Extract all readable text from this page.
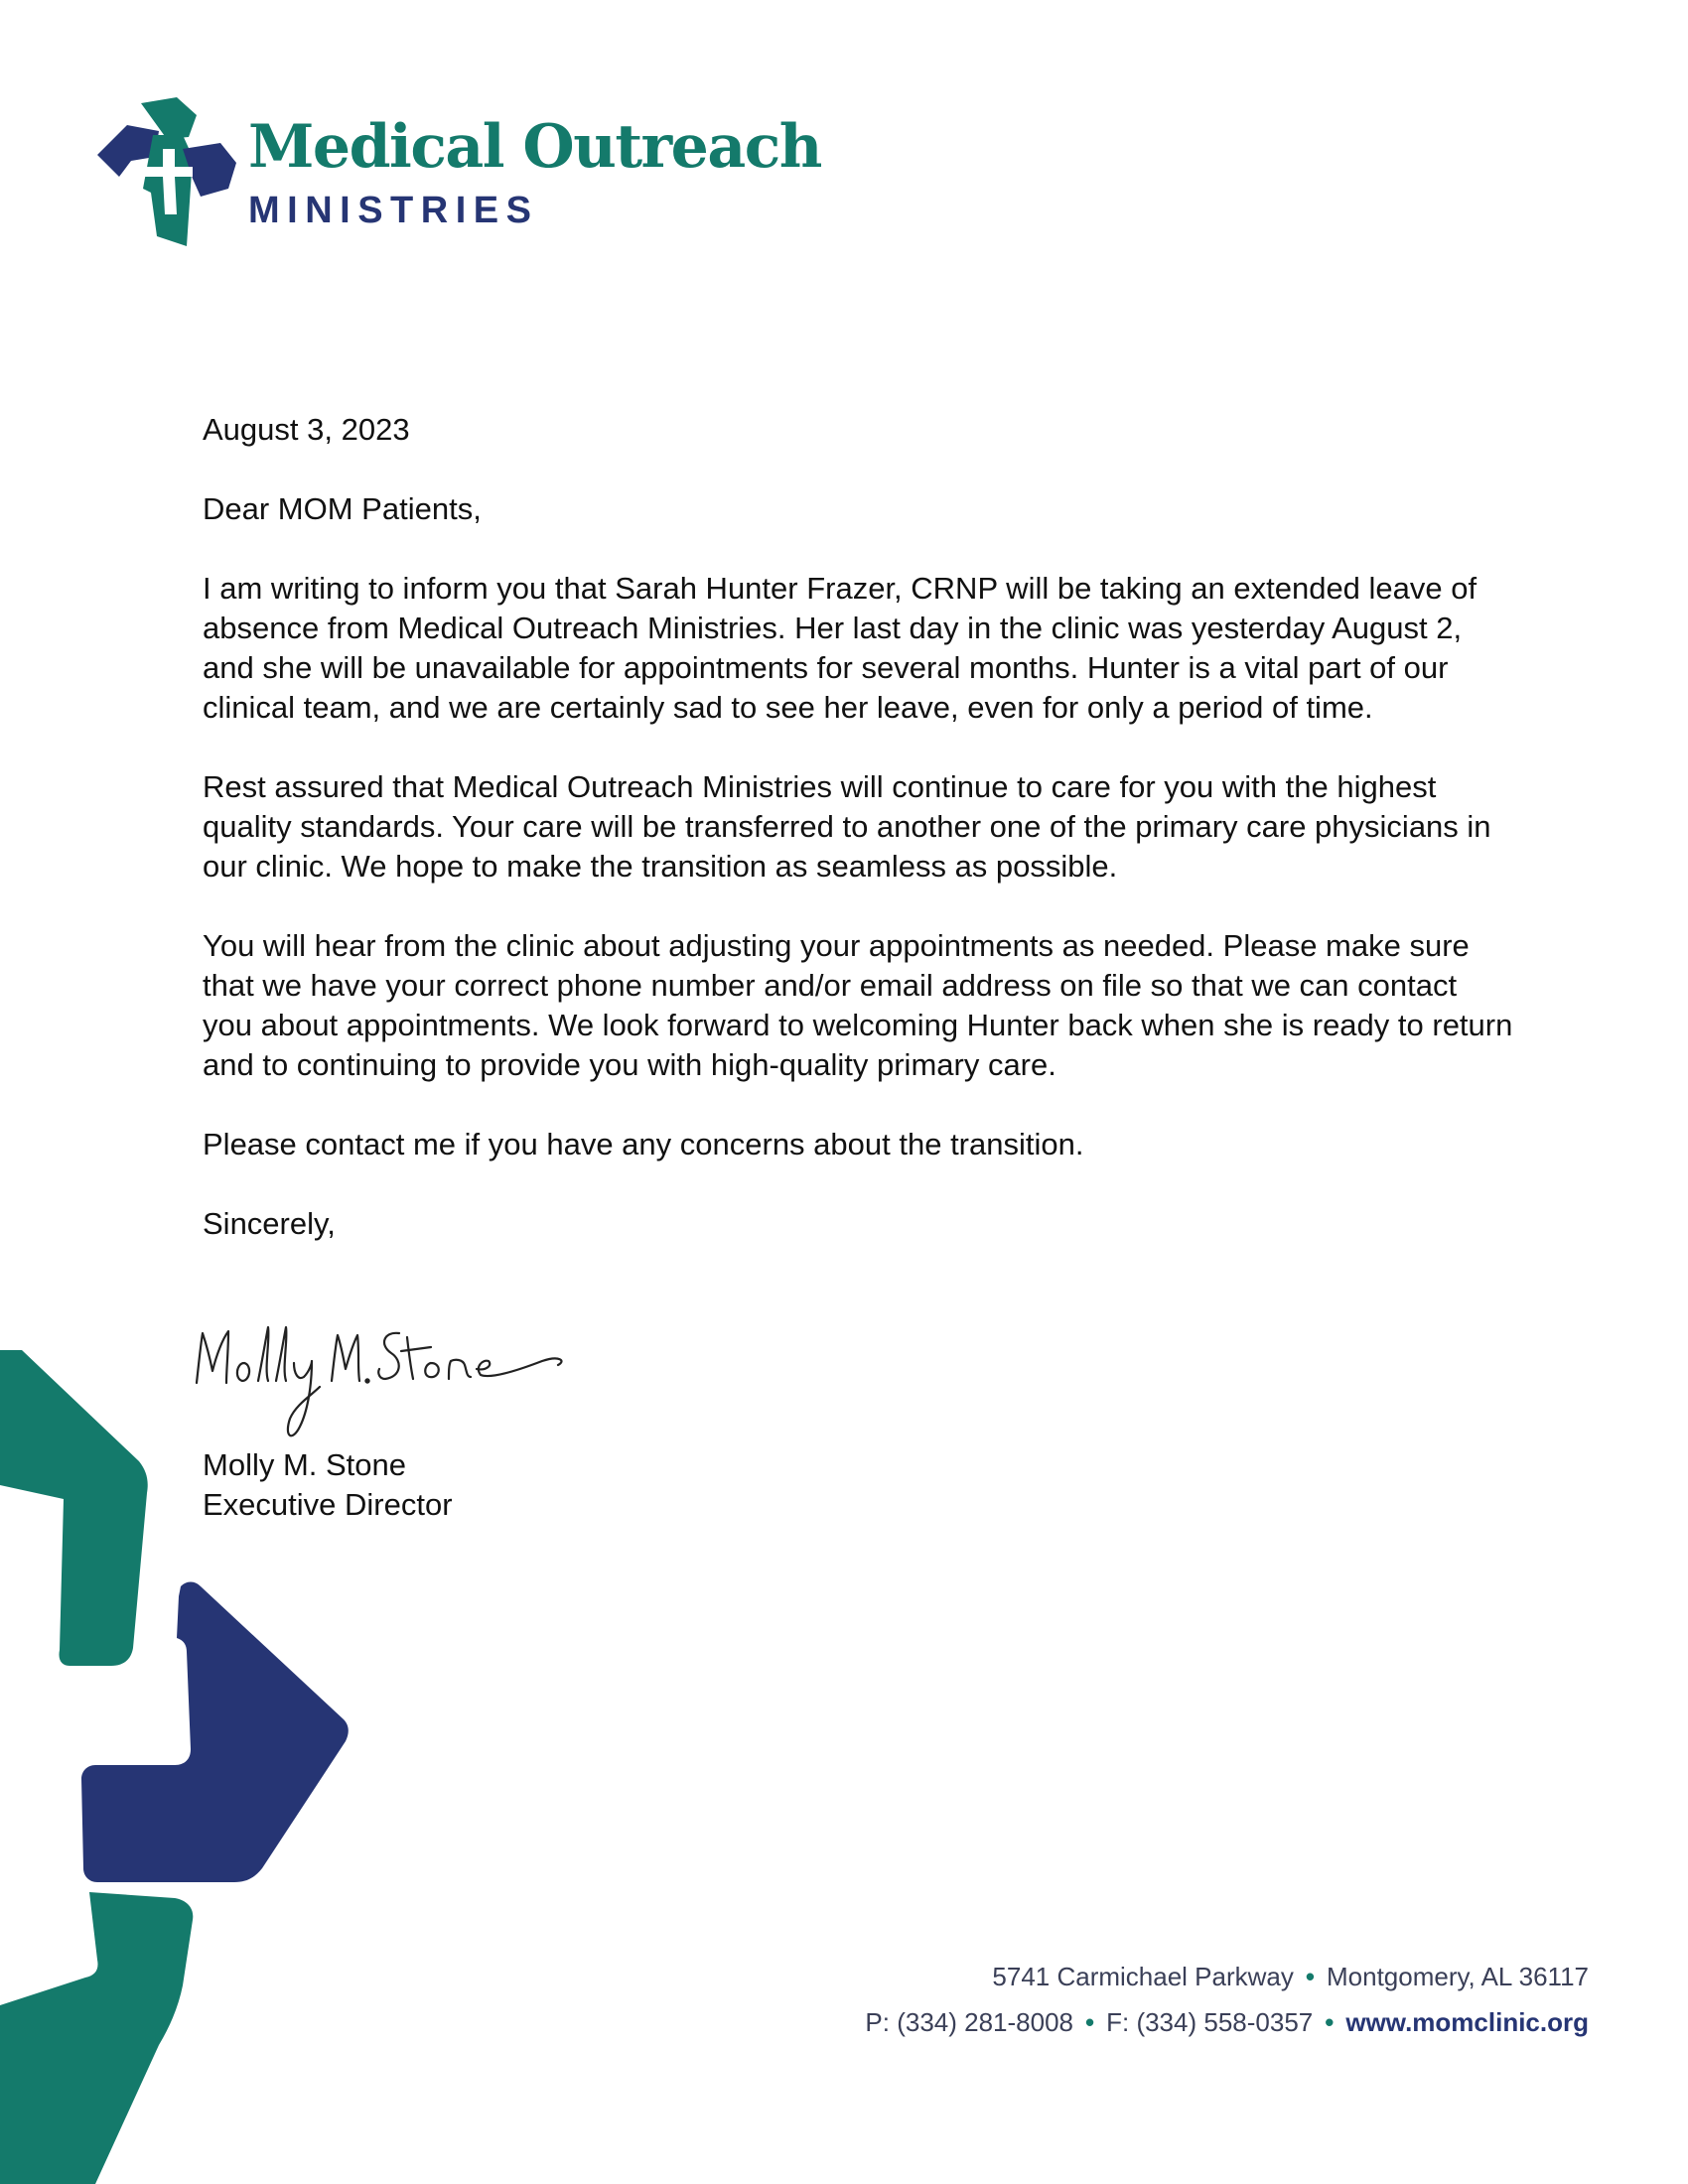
Medical Outreach
MINISTRIES

August 3, 2023

Dear MOM Patients,

I am writing to inform you that Sarah Hunter Frazer, CRNP will be taking an extended leave of absence from Medical Outreach Ministries. Her last day in the clinic was yesterday August 2, and she will be unavailable for appointments for several months. Hunter is a vital part of our clinical team, and we are certainly sad to see her leave, even for only a period of time.

Rest assured that Medical Outreach Ministries will continue to care for you with the highest quality standards. Your care will be transferred to another one of the primary care physicians in our clinic. We hope to make the transition as seamless as possible.

You will hear from the clinic about adjusting your appointments as needed. Please make sure that we have your correct phone number and/or email address on file so that we can contact you about appointments. We look forward to welcoming Hunter back when she is ready to return and to continuing to provide you with high-quality primary care.

Please contact me if you have any concerns about the transition.

Sincerely,

Molly M. Stone
Executive Director
5741 Carmichael Parkway • Montgomery, AL 36117
P: (334) 281-8008 • F: (334) 558-0357 • www.momclinic.org
